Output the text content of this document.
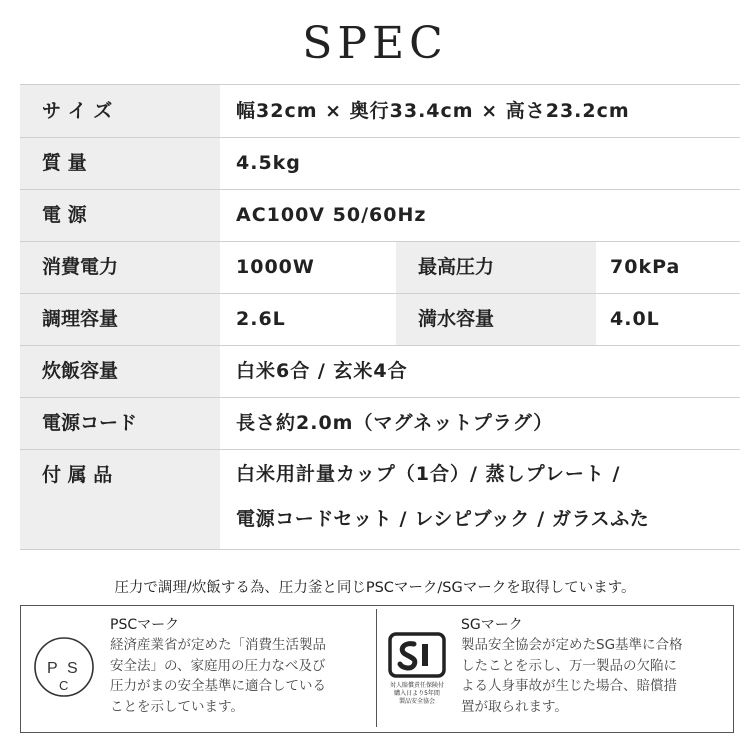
SPEC
サ イ ズ	幅32cm × 奥行33.4cm × 高さ23.2cm
質 量	4.5kg
電 源	AC100V 50/60Hz
消費電力	1000W	最高圧力	70kPa
調理容量	2.6L	満水容量	4.0L
炊飯容量	白米6合 / 玄米4合
電源コード	長さ約2.0m（マグネットプラグ）
付 属 品	白米用計量カップ（1合）/ 蒸しプレート /
電源コードセット / レシピブック / ガラスふた
圧力で調理/炊飯する為、圧力釜と同じPSCマーク/SGマークを取得しています。
P S
C
PSCマーク
経済産業省が定めた「消費生活製品
安全法」の、家庭用の圧力なべ及び
圧力がまの安全基準に適合している
ことを示しています。
対人賠償責任保険付
購入日より5年間
製品安全協会
SGマーク
製品安全協会が定めたSG基準に合格
したことを示し、万一製品の欠陥に
よる人身事故が生じた場合、賠償措
置が取られます。
